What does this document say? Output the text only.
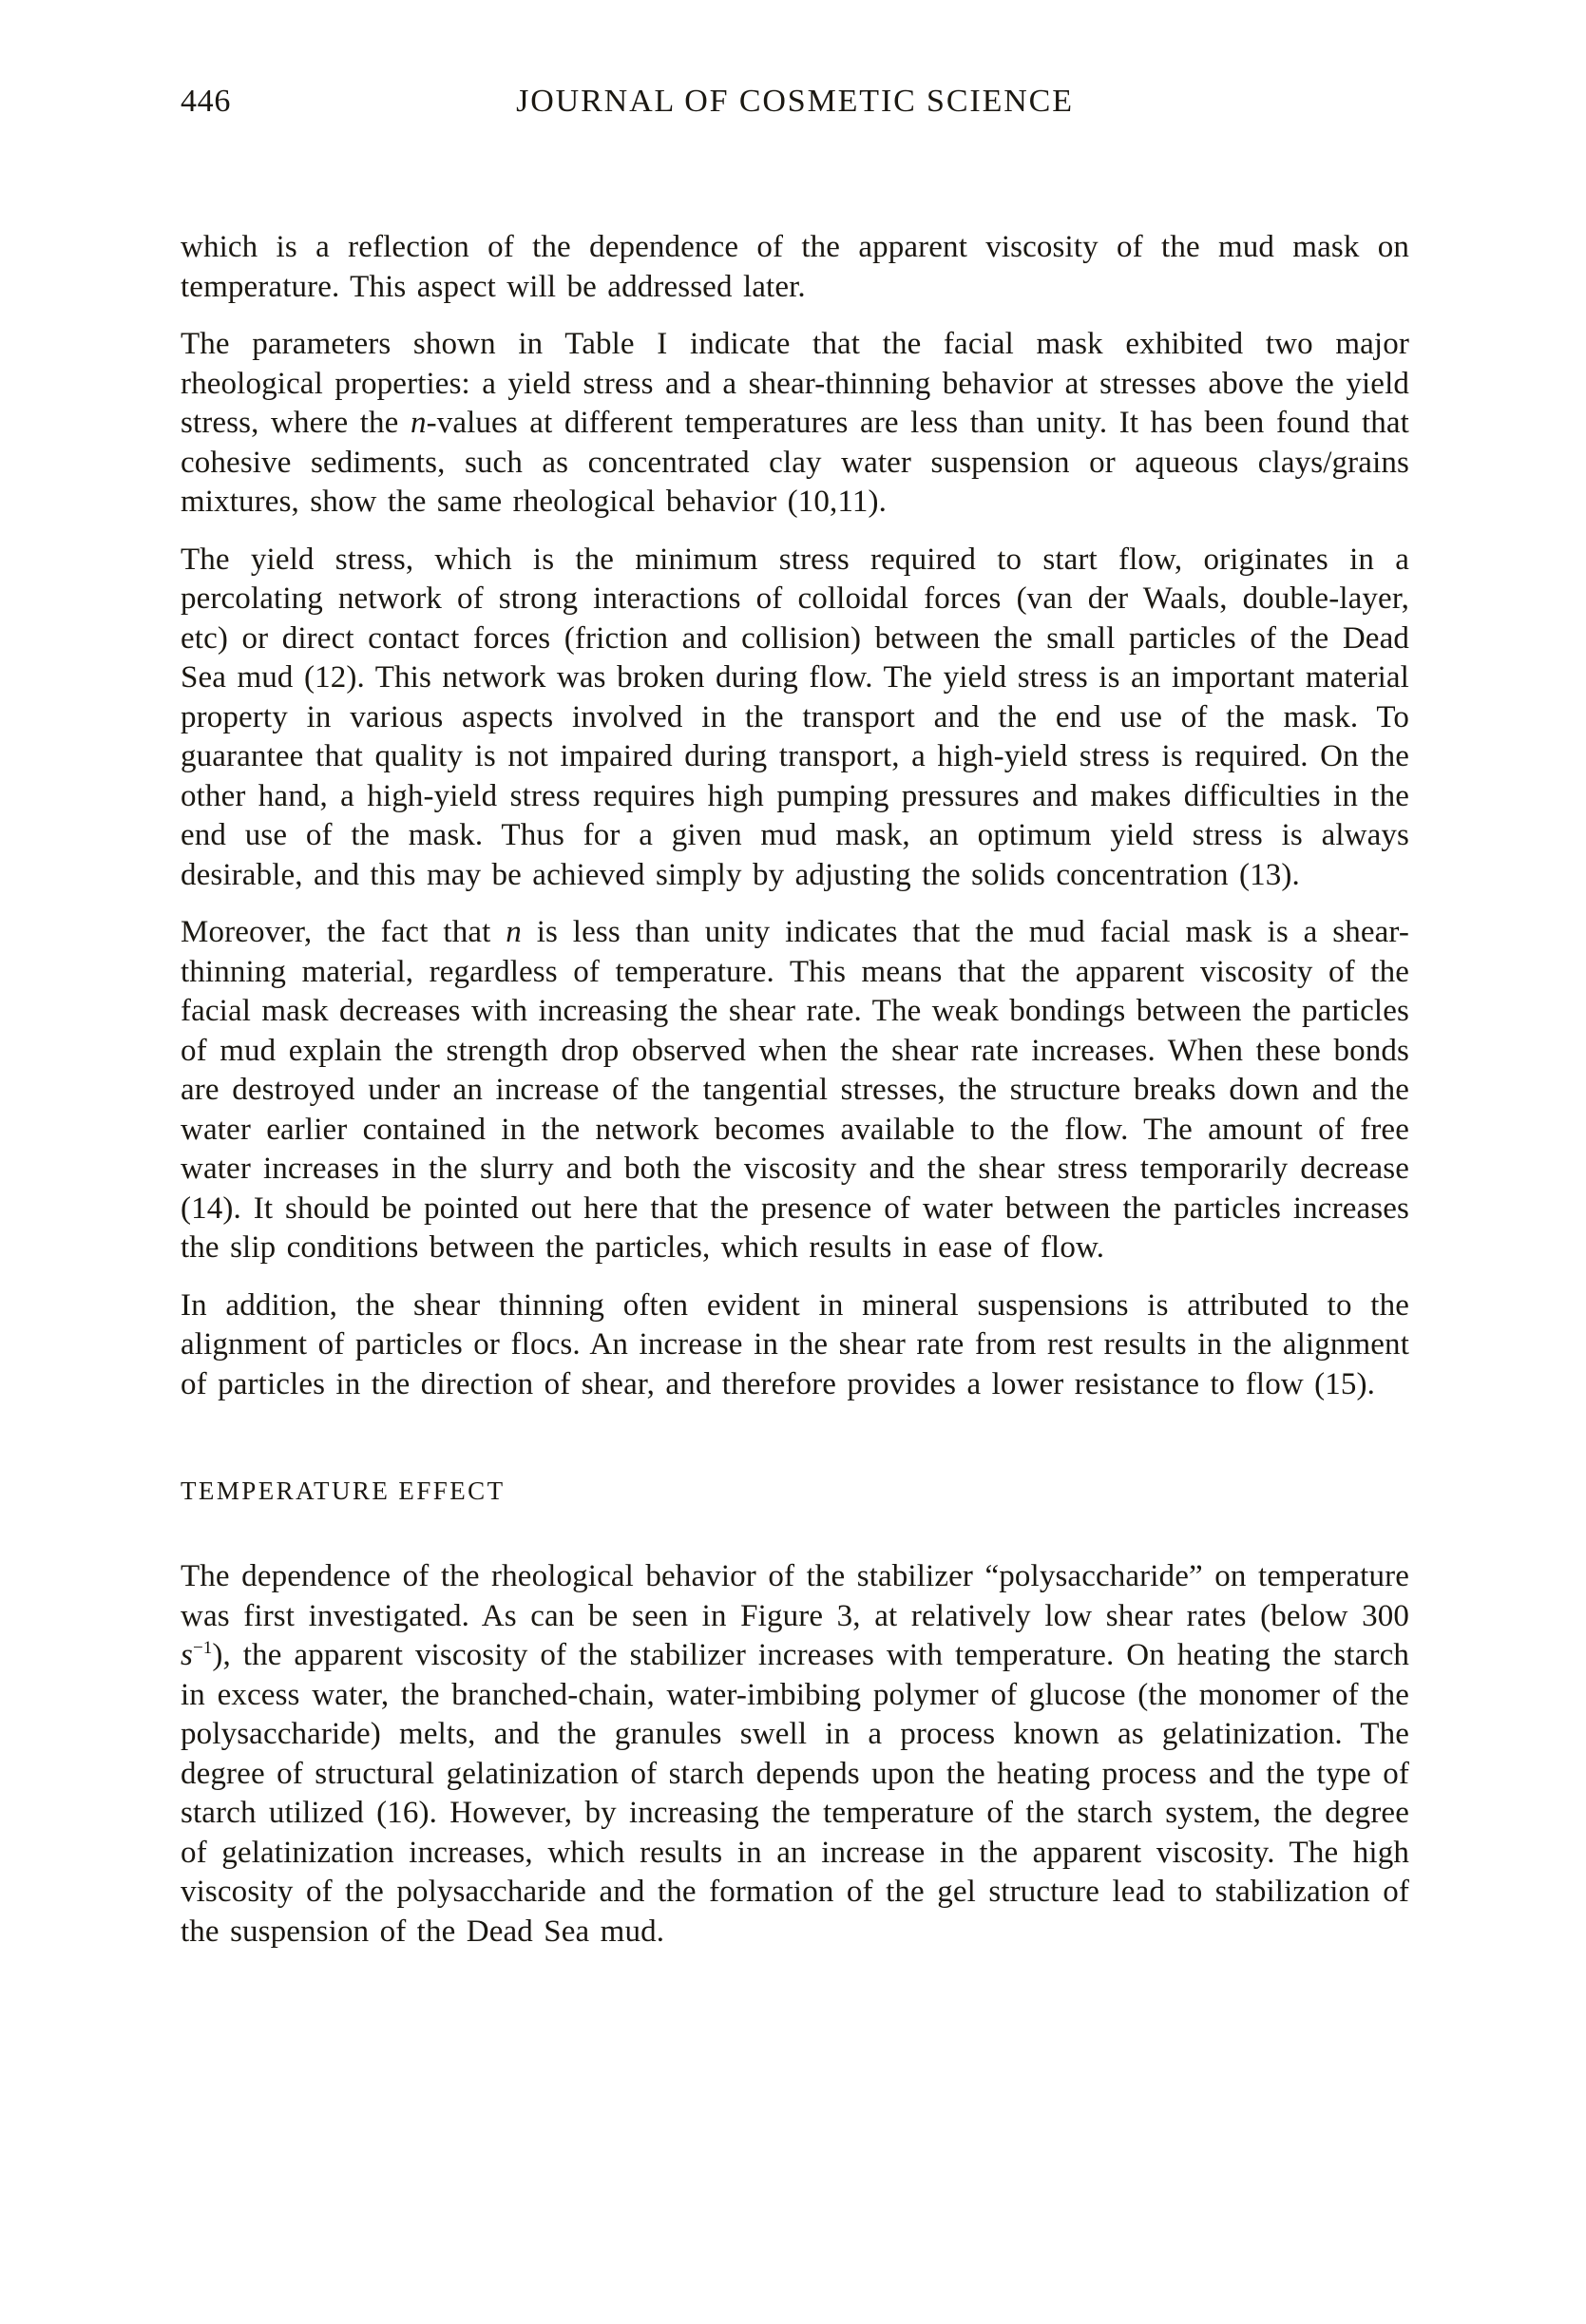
446	JOURNAL OF COSMETIC SCIENCE

which is a reflection of the dependence of the apparent viscosity of the mud mask on temperature. This aspect will be addressed later.

The parameters shown in Table I indicate that the facial mask exhibited two major rheological properties: a yield stress and a shear-thinning behavior at stresses above the yield stress, where the n-values at different temperatures are less than unity. It has been found that cohesive sediments, such as concentrated clay water suspension or aqueous clays/grains mixtures, show the same rheological behavior (10,11).

The yield stress, which is the minimum stress required to start flow, originates in a percolating network of strong interactions of colloidal forces (van der Waals, double-layer, etc) or direct contact forces (friction and collision) between the small particles of the Dead Sea mud (12). This network was broken during flow. The yield stress is an important material property in various aspects involved in the transport and the end use of the mask. To guarantee that quality is not impaired during transport, a high-yield stress is required. On the other hand, a high-yield stress requires high pumping pressures and makes difficulties in the end use of the mask. Thus for a given mud mask, an optimum yield stress is always desirable, and this may be achieved simply by adjusting the solids concentration (13).

Moreover, the fact that n is less than unity indicates that the mud facial mask is a shear-thinning material, regardless of temperature. This means that the apparent viscosity of the facial mask decreases with increasing the shear rate. The weak bondings between the particles of mud explain the strength drop observed when the shear rate increases. When these bonds are destroyed under an increase of the tangential stresses, the structure breaks down and the water earlier contained in the network becomes available to the flow. The amount of free water increases in the slurry and both the viscosity and the shear stress temporarily decrease (14). It should be pointed out here that the presence of water between the particles increases the slip conditions between the particles, which results in ease of flow.

In addition, the shear thinning often evident in mineral suspensions is attributed to the alignment of particles or flocs. An increase in the shear rate from rest results in the alignment of particles in the direction of shear, and therefore provides a lower resistance to flow (15).

TEMPERATURE EFFECT

The dependence of the rheological behavior of the stabilizer “polysaccharide” on temperature was first investigated. As can be seen in Figure 3, at relatively low shear rates (below 300 $s^{-1}$), the apparent viscosity of the stabilizer increases with temperature. On heating the starch in excess water, the branched-chain, water-imbibing polymer of glucose (the monomer of the polysaccharide) melts, and the granules swell in a process known as gelatinization. The degree of structural gelatinization of starch depends upon the heating process and the type of starch utilized (16). However, by increasing the temperature of the starch system, the degree of gelatinization increases, which results in an increase in the apparent viscosity. The high viscosity of the polysaccharide and the formation of the gel structure lead to stabilization of the suspension of the Dead Sea mud.
